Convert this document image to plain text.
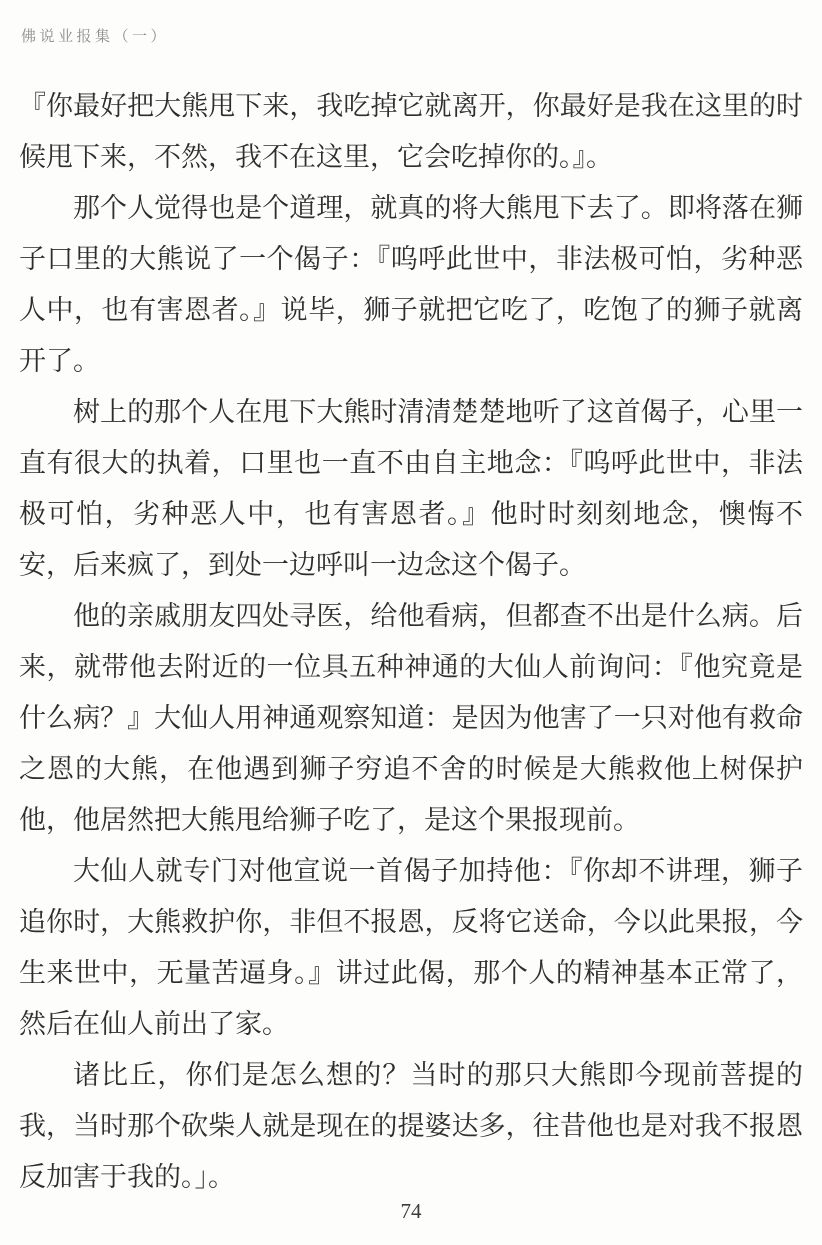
佛说业报集（一）

『你最好把大熊甩下来，我吃掉它就离开，你最好是我在这里的时候甩下来，不然，我不在这里，它会吃掉你的。』。

那个人觉得也是个道理，就真的将大熊甩下去了。即将落在狮子口里的大熊说了一个偈子：『呜呼此世中，非法极可怕，劣种恶人中，也有害恩者。』说毕，狮子就把它吃了，吃饱了的狮子就离开了。

树上的那个人在甩下大熊时清清楚楚地听了这首偈子，心里一直有很大的执着，口里也一直不由自主地念：『呜呼此世中，非法极可怕，劣种恶人中，也有害恩者。』他时时刻刻地念，懊悔不安，后来疯了，到处一边呼叫一边念这个偈子。

他的亲戚朋友四处寻医，给他看病，但都查不出是什么病。后来，就带他去附近的一位具五种神通的大仙人前询问：『他究竟是什么病？』大仙人用神通观察知道：是因为他害了一只对他有救命之恩的大熊，在他遇到狮子穷追不舍的时候是大熊救他上树保护他，他居然把大熊甩给狮子吃了，是这个果报现前。

大仙人就专门对他宣说一首偈子加持他：『你却不讲理，狮子追你时，大熊救护你，非但不报恩，反将它送命，今以此果报，今生来世中，无量苦逼身。』讲过此偈，那个人的精神基本正常了，然后在仙人前出了家。

诸比丘，你们是怎么想的？当时的那只大熊即今现前菩提的我，当时那个砍柴人就是现在的提婆达多，往昔他也是对我不报恩反加害于我的。」。

74
